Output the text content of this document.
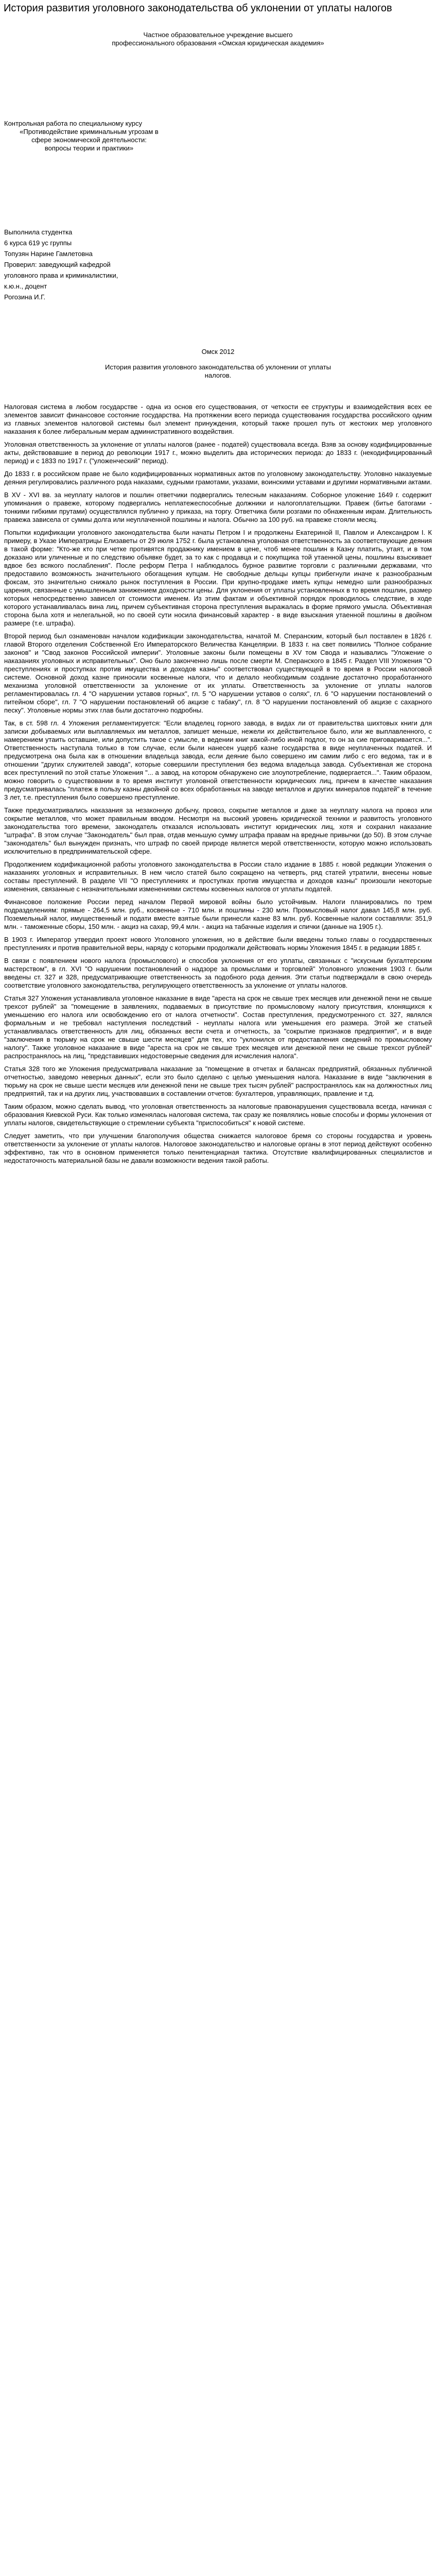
История развития уголовного законодательства об уклонении от уплаты налогов
Частное образовательное учреждение высшего
профессионального образования «Омская юридическая академия»
Контрольная работа по специальному курсу
«Противодействие криминальным угрозам в
сфере экономической деятельности:
вопросы теории и практики»
Выполнила студентка
6 курса 619 ус группы
Топузян Нарине Гамлетовна
Проверил: заведующий кафедрой
уголовного права и криминалистики,
к.ю.н., доцент
Рогозина И.Г.
Омск 2012
История развития уголовного законодательства об уклонении от уплаты
налогов.

Налоговая система в любом государстве - одна из основ его существования, от четкости ее структуры и взаимодействия всех ее элементов зависит финансовое состояние государства. На протяжении всего периода существования государства российского одним из главных элементов налоговой системы был элемент принуждения, который также прошел путь от жестоких мер уголовного наказания к более либеральным мерам административного воздействия.

Уголовная ответственность за уклонение от уплаты налогов (ранее - податей) существовала всегда. Взяв за основу кодифицированные акты, действовавшие в период до революции 1917 г., можно выделить два исторических периода: до 1833 г. (некодифицированный период) и с 1833 по 1917 г. ("уложенческий" период).

До 1833 г. в российском праве не было кодифицированных нормативных актов по уголовному законодательству. Уголовно наказуемые деяния регулировались различного рода наказами, судными грамотами, указами, воинскими уставами и другими нормативными актами.

В XV - XVI вв. за неуплату налогов и пошлин ответчики подвергались телесным наказаниям. Соборное уложение 1649 г. содержит упоминания о правеже, которому подвергались неплатежеспособные должники и налогоплательщики. Правеж (битье батогами - тонкими гибкими прутами) осуществлялся публично у приказа, на торгу. Ответчика били розгами по обнаженным икрам. Длительность правежа зависела от суммы долга или неуплаченной пошлины и налога. Обычно за 100 руб. на правеже стояли месяц.

Попытки кодификации уголовного законодательства были начаты Петром I и продолжены Екатериной II, Павлом и Александром I. К примеру, в Указе Императрицы Елизаветы от 29 июля 1752 г. была установлена уголовная ответственность за соответствующие деяния в такой форме: "Кто-же кто при четке противятся продажнику имением в цене, чтоб менее пошлин в Казну платить, утаят, и в том доказано или уличенные и по следствию объявке будет, за то как с продавца и с покупщика той утаенной цены, пошлины взыскивает вдвое без всякого послабления". После реформ Петра I наблюдалось бурное развитие торговли с различными державами, что предоставило возможность значительного обогащения купцам. Не свободные дельцы купцы прибегнули иначе к разнообразным фоксам, это значительно снижало рынок поступления в России. При крупно-продаже иметь купцы немедно шли разнообразных царения, связанные с умышленным занижением доходности цены. Для уклонения от уплаты установленных в то время пошлин, размер которых непосредственно зависел от стоимости именем. Из этим фактам и объективной порядок проводилось следствие, в ходе которого устанавливалась вина лиц, причем субъективная сторона преступления выражалась в форме прямого умысла. Объективная сторона была хотя и нелегальной, но по своей сути носила финансовый характер - в виде взыскания утаенной пошлины в двойном размере (т.е. штрафа).

Второй период был ознаменован началом кодификации законодательства, начатой М. Сперанским, который был поставлен в 1826 г. главой Второго отделения Собственной Его Императорского Величества Канцелярии. В 1833 г. на свет появились "Полное собрание законов" и "Свод законов Российской империи". Уголовные законы были помещены в XV том Свода и назывались "Уложение о наказаниях уголовных и исправительных". Оно было законченно лишь после смерти М. Сперанского в 1845 г. Раздел VIII Уложения "О преступлениях и проступках против имущества и доходов казны" соответствовал существующей в то время в России налоговой системе. Основной доход казне приносили косвенные налоги, что и делало необходимым создание достаточно проработанного механизма уголовной ответственности за уклонение от их уплаты. Ответственность за уклонение от уплаты налогов регламентировалась гл. 4 "О нарушении уставов горных", гл. 5 "О нарушении уставов о солях", гл. 6 "О нарушении постановлений о питейном сборе", гл. 7 "О нарушении постановлений об акцизе с табаку", гл. 8 "О нарушении постановлений об акцизе с сахарного песку". Уголовные нормы этих глав были достаточно подробны.

Так, в ст. 598 гл. 4 Уложения регламентируется: "Если владелец горного завода, в видах ли от правительства шихтовых книги для записки добываемых или выплавляемых им металлов, запишет меньше, нежели их действительное было, или же выплавленного, с намерением утаить оставшие, или допустить такое с умысле, в ведении книг какой-либо иной подлог, то он за сие приговаривается...". Ответственность наступала только в том случае, если были нанесен ущерб казне государства в виде неуплаченных податей. И предусмотрена она была как в отношении владельца завода, если деяние было совершено им самим либо с его ведома, так и в отношении "других служителей завода", которые совершили преступления без ведома владельца завода. Субъективная же сторона всех преступлений по этой статье Уложения "... а завод, на котором обнаружено сие злоупотребление, подвергается...". Таким образом, можно говорить о существовании в то время институт уголовной ответственности юридических лиц, причем в качестве наказания предусматривалась "платеж в пользу казны двойной со всех обработанных на заводе металлов и других минералов податей" в течение 3 лет, т.е. преступления было совершено преступление.

Также предусматривались наказания за незаконную добычу, провоз, сокрытие металлов и даже за неуплату налога на провоз или сокрытие металлов, что может правильным вводом. Несмотря на высокий уровень юридической техники и развитость уголовного законодательства того времени, законодатель отказался использовать институт юридических лиц, хотя и сохранил наказание "штрафа". В этом случае "Законодатель" был прав, отдав меньшую сумму штрафа правам на вредные привычки (до 50). В этом случае "законодатель" был вынужден признать, что штраф по своей природе является мерой ответственности, которую можно использовать исключительно в предпринимательской сфере.

Продолжением кодификационной работы уголовного законодательства в России стало издание в 1885 г. новой редакции Уложения о наказаниях уголовных и исправительных. В нем число статей было сокращено на четверть, ряд статей утратили, внесены новые составы преступлений. В разделе VII "О преступлениях и проступках против имущества и доходов казны" произошли некоторые изменения, связанные с незначительными изменениями системы косвенных налогов от уплаты податей.

Финансовое положение России перед началом Первой мировой войны было устойчивым. Налоги планировались по трем подразделениям: прямые - 264,5 млн. руб., косвенные - 710 млн. и пошлины - 230 млн. Промысловый налог давал 145,8 млн. руб. Поземельный налог, имущественный и подати вместе взятые были принесли казне 83 млн. руб. Косвенные налоги составляли: 351,9 млн. - таможенные сборы, 150 млн. - акциз на сахар, 99,4 млн. - акциз на табачные изделия и спички (данные на 1905 г.).

В 1903 г. Император утвердил проект нового Уголовного уложения, но в действие были введены только главы о государственных преступлениях и против правительной веры, наряду с которыми продолжали действовать нормы Уложения 1845 г. в редакции 1885 г.

В связи с появлением нового налога (промыслового) и способов уклонения от его уплаты, связанных с "искусным бухгалтерским мастерством", в гл. XVI "О нарушении постановлений о надзоре за промыслами и торговлей" Уголовного уложения 1903 г. были введены ст. 327 и 328, предусматривающие ответственность за подобного рода деяния. Эти статьи подтверждали в свою очередь соответствие уголовного законодательства, регулирующего ответственность за уклонение от уплаты налогов.

Статья 327 Уложения устанавливала уголовное наказание в виде "ареста на срок не свыше трех месяцев или денежной пени не свыше трехсот рублей" за "помещение в заявлениях, подаваемых в присутствие по промысловому налогу присутствия, клонящихся к уменьшению его налога или освобождению его от налога отчетности". Состав преступления, предусмотренного ст. 327, являлся формальным и не требовал наступления последствий - неуплаты налога или уменьшения его размера. Этой же статьей устанавливалась ответственность для лиц, обязанных вести счета и отчетность, за "сокрытие признаков предприятия", и в виде "заключения в тюрьму на срок не свыше шести месяцев" для тех, кто "уклонился от предоставления сведений по промысловому налогу". Также уголовное наказание в виде "ареста на срок не свыше трех месяцев или денежной пени не свыше трехсот рублей" распространялось на лиц, "представивших недостоверные сведения для исчисления налога".

Статья 328 того же Уложения предусматривала наказание за "помещение в отчетах и балансах предприятий, обязанных публичной отчетностью, заведомо неверных данных", если это было сделано с целью уменьшения налога. Наказание в виде "заключения в тюрьму на срок не свыше шести месяцев или денежной пени не свыше трех тысяч рублей" распространялось как на должностных лиц предприятий, так и на других лиц, участвовавших в составлении отчетов: бухгалтеров, управляющих, правление и т.д.

Таким образом, можно сделать вывод, что уголовная ответственность за налоговые правонарушения существовала всегда, начиная с образования Киевской Руси. Как только изменялась налоговая система, так сразу же появлялись новые способы и формы уклонения от уплаты налогов, свидетельствующие о стремлении субъекта "приспособиться" к новой системе.

Следует заметить, что при улучшении благополучия общества снижается налоговое бремя со стороны государства и уровень ответственности за уклонение от уплаты налогов. Налоговое законодательство и налоговые органы в этот период действуют особенно эффективно, так что в основном применяется только пенитенциарная тактика. Отсутствие квалифицированных специалистов и недостаточность материальной базы не давали возможности ведения такой работы.
